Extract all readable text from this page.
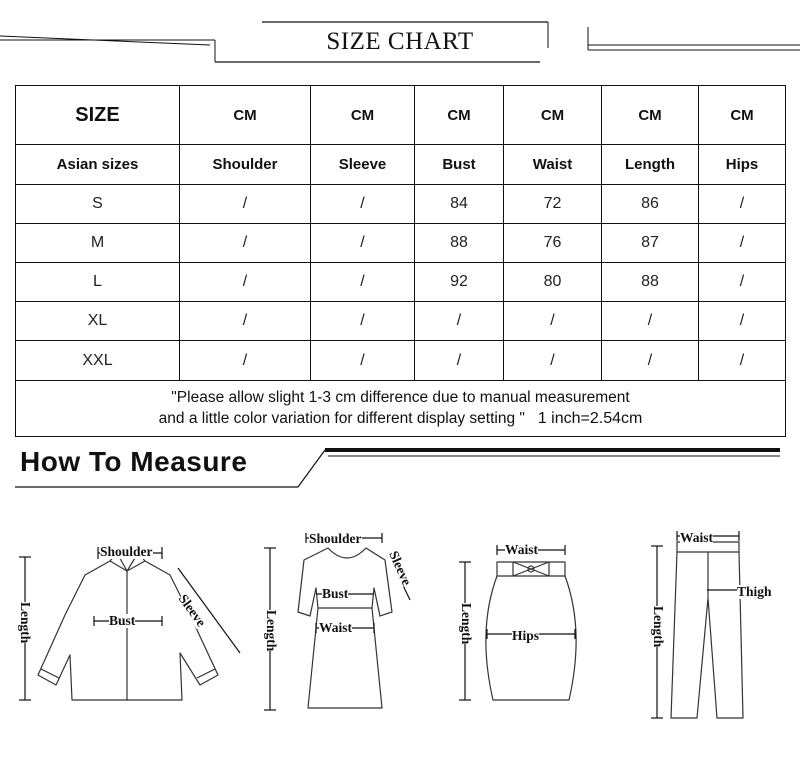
SIZE CHART
SIZE	CM	CM	CM	CM	CM	CM
Asian sizes	Shoulder	Sleeve	Bust	Waist	Length	Hips
S	/	/	84	72	86	/
M	/	/	88	76	87	/
L	/	/	92	80	88	/
XL	/	/	/	/	/	/
XXL	/	/	/	/	/	/

"Please allow slight 1-3 cm difference due to manual measurement
and a little color variation for different display setting " 1 inch=2.54cm						
How To Measure
Shoulder
Bust	Sleeve
Length
Shoulder
Bust
Waist
Sleeve
Length
Waist
Hips
Length
Waist
Thigh
Length
